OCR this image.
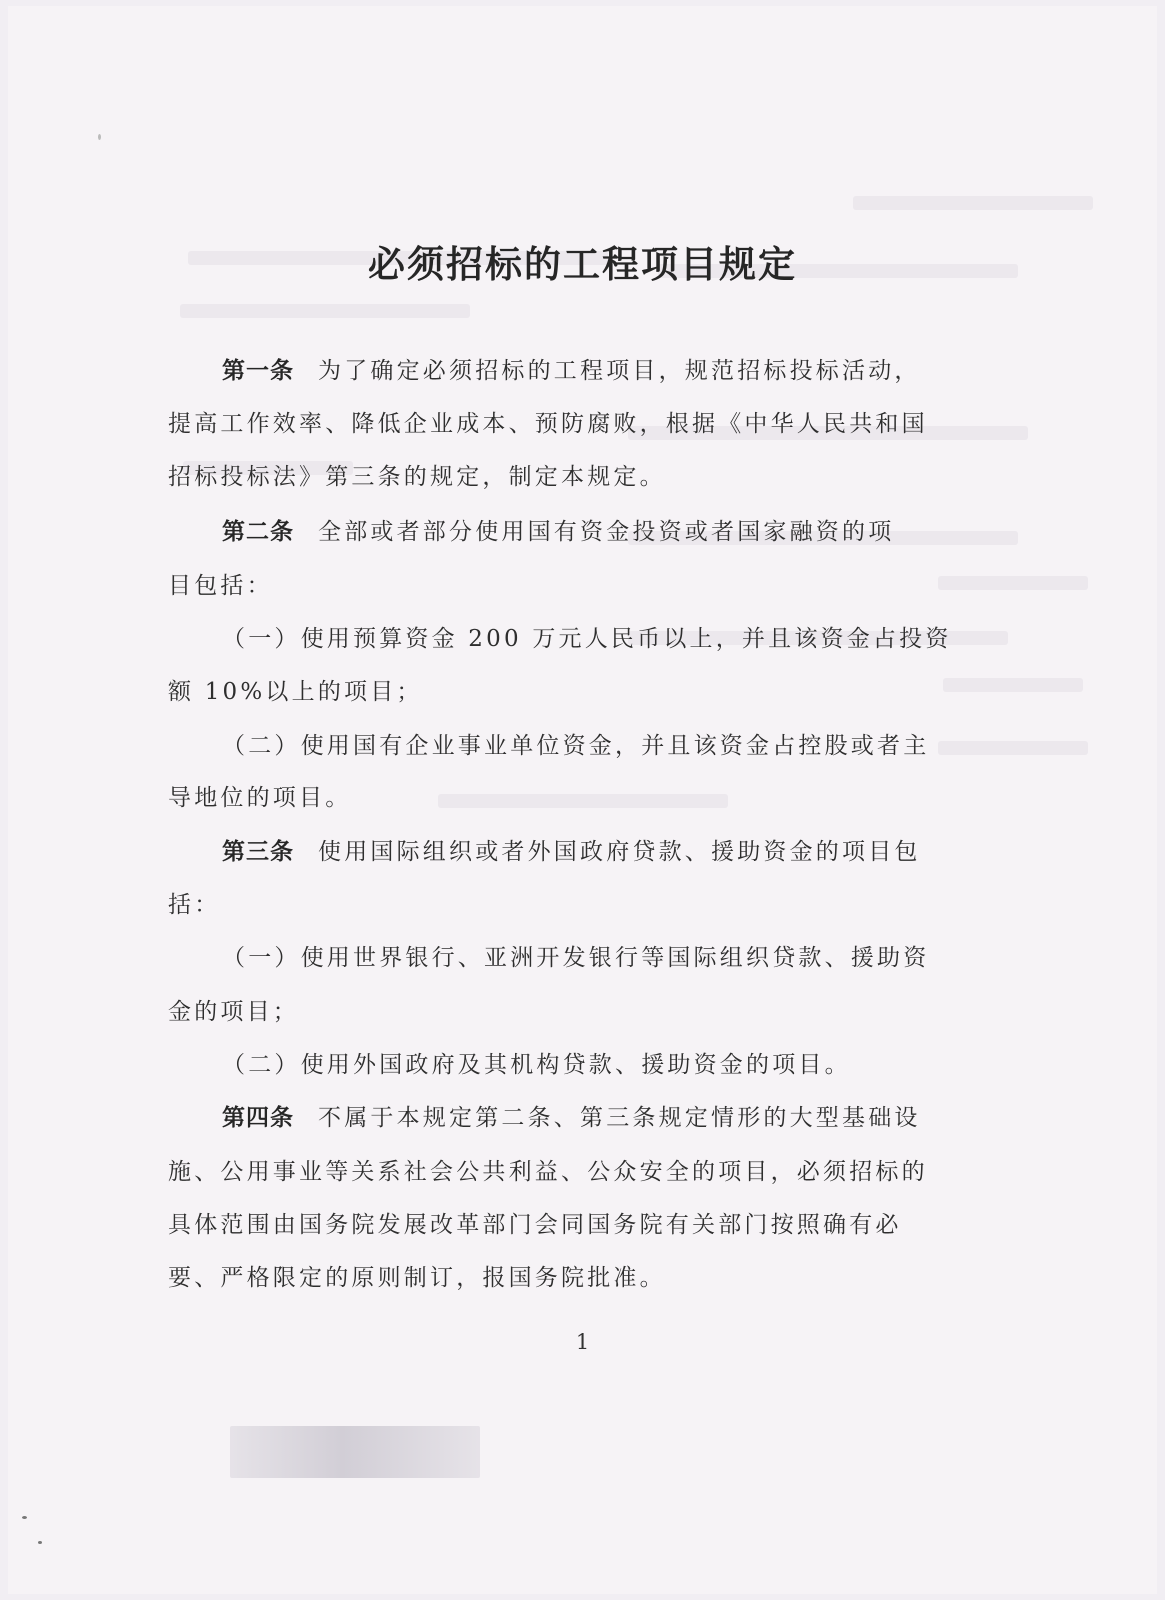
必须招标的工程项目规定
第一条 为了确定必须招标的工程项目，规范招标投标活动，
提高工作效率、降低企业成本、预防腐败，根据《中华人民共和国
招标投标法》第三条的规定，制定本规定。
第二条 全部或者部分使用国有资金投资或者国家融资的项
目包括：
（一）使用预算资金 200 万元人民币以上，并且该资金占投资
额 10%以上的项目；
（二）使用国有企业事业单位资金，并且该资金占控股或者主
导地位的项目。
第三条 使用国际组织或者外国政府贷款、援助资金的项目包
括：
（一）使用世界银行、亚洲开发银行等国际组织贷款、援助资
金的项目；
（二）使用外国政府及其机构贷款、援助资金的项目。
第四条 不属于本规定第二条、第三条规定情形的大型基础设
施、公用事业等关系社会公共利益、公众安全的项目，必须招标的
具体范围由国务院发展改革部门会同国务院有关部门按照确有必
要、严格限定的原则制订，报国务院批准。
1
